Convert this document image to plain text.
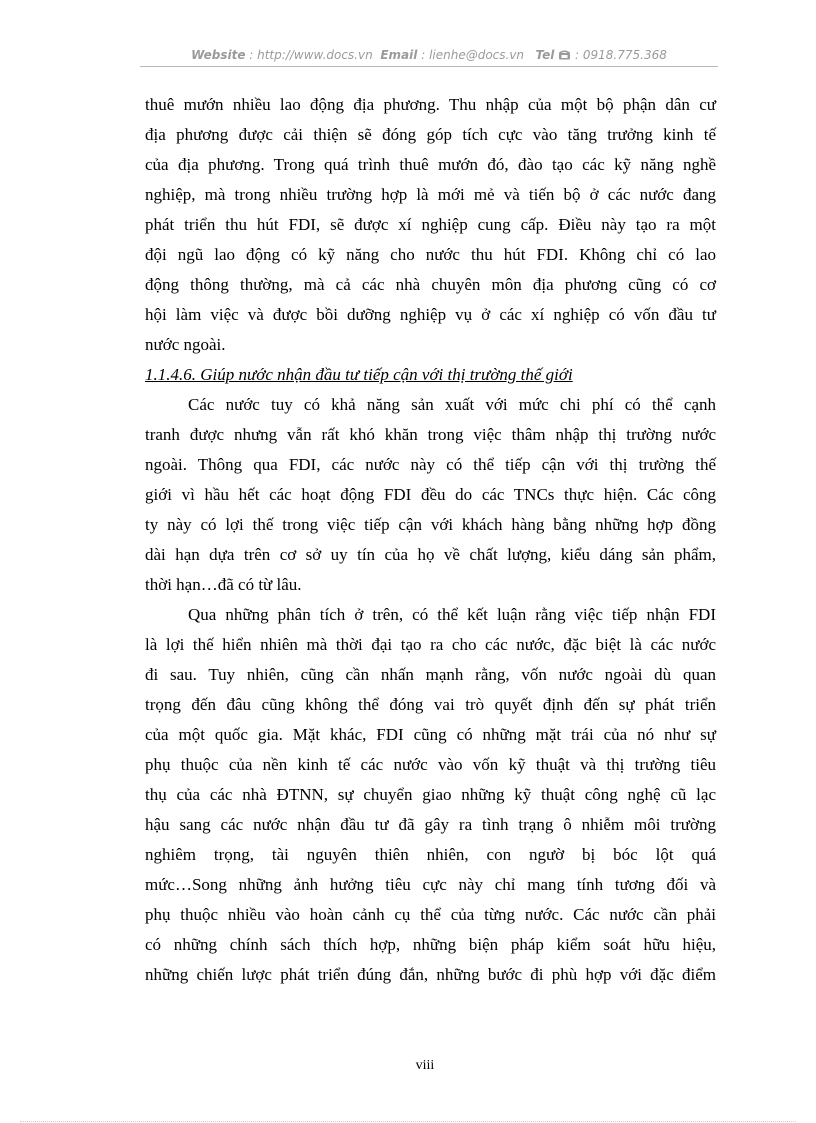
Website : http://www.docs.vn Email : lienhe@docs.vn Tel  : 0918.775.368
thuê mướn nhiều lao động địa phương. Thu nhập của một bộ phận dân cư
địa phương được cải thiện sẽ đóng góp tích cực vào tăng trưởng kinh tế
của địa phương. Trong quá trình thuê mướn đó, đào tạo các kỹ năng nghề
nghiệp, mà trong nhiều trường hợp là mới mẻ và tiến bộ ở các nước đang
phát triển thu hút FDI, sẽ được xí nghiệp cung cấp. Điều này tạo ra một
đội ngũ lao động có kỹ năng cho nước thu hút FDI. Không chỉ có lao
động thông thường, mà cả các nhà chuyên môn địa phương cũng có cơ
hội làm việc và được bồi dưỡng nghiệp vụ ở các xí nghiệp có vốn đầu tư
nước ngoài.
1.1.4.6. Giúp nước nhận đầu tư tiếp cận với thị trường thế giới
Các nước tuy có khả năng sản xuất với mức chi phí có thể cạnh
tranh được nhưng vẫn rất khó khăn trong việc thâm nhập thị trường nước
ngoài. Thông qua FDI, các nước này có thể tiếp cận với thị trường thế
giới vì hầu hết các hoạt động FDI đều do các TNCs thực hiện. Các công
ty này có lợi thế trong việc tiếp cận với khách hàng bằng những hợp đồng
dài hạn dựa trên cơ sở uy tín của họ về chất lượng, kiểu dáng sản phẩm,
thời hạn…đã có từ lâu.
Qua những phân tích ở trên, có thể kết luận rằng việc tiếp nhận FDI
là lợi thế hiển nhiên mà thời đại tạo ra cho các nước, đặc biệt là các nước
đi sau. Tuy nhiên, cũng cần nhấn mạnh rằng, vốn nước ngoài dù quan
trọng đến đâu cũng không thể đóng vai trò quyết định đến sự phát triển
của một quốc gia. Mặt khác, FDI cũng có những mặt trái của nó như sự
phụ thuộc của nền kinh tế các nước vào vốn kỹ thuật và thị trường tiêu
thụ của các nhà ĐTNN, sự chuyển giao những kỹ thuật công nghệ cũ lạc
hậu sang các nước nhận đầu tư đã gây ra tình trạng ô nhiễm môi trường
nghiêm trọng, tài nguyên thiên nhiên, con ngườ bị bóc lột quá
mức…Song những ảnh hưởng tiêu cực này chỉ mang tính tương đối và
phụ thuộc nhiều vào hoàn cảnh cụ thể của từng nước. Các nước cần phải
có những chính sách thích hợp, những biện pháp kiểm soát hữu hiệu,
những chiến lược phát triển đúng đắn, những bước đi phù hợp với đặc điểm
viii
